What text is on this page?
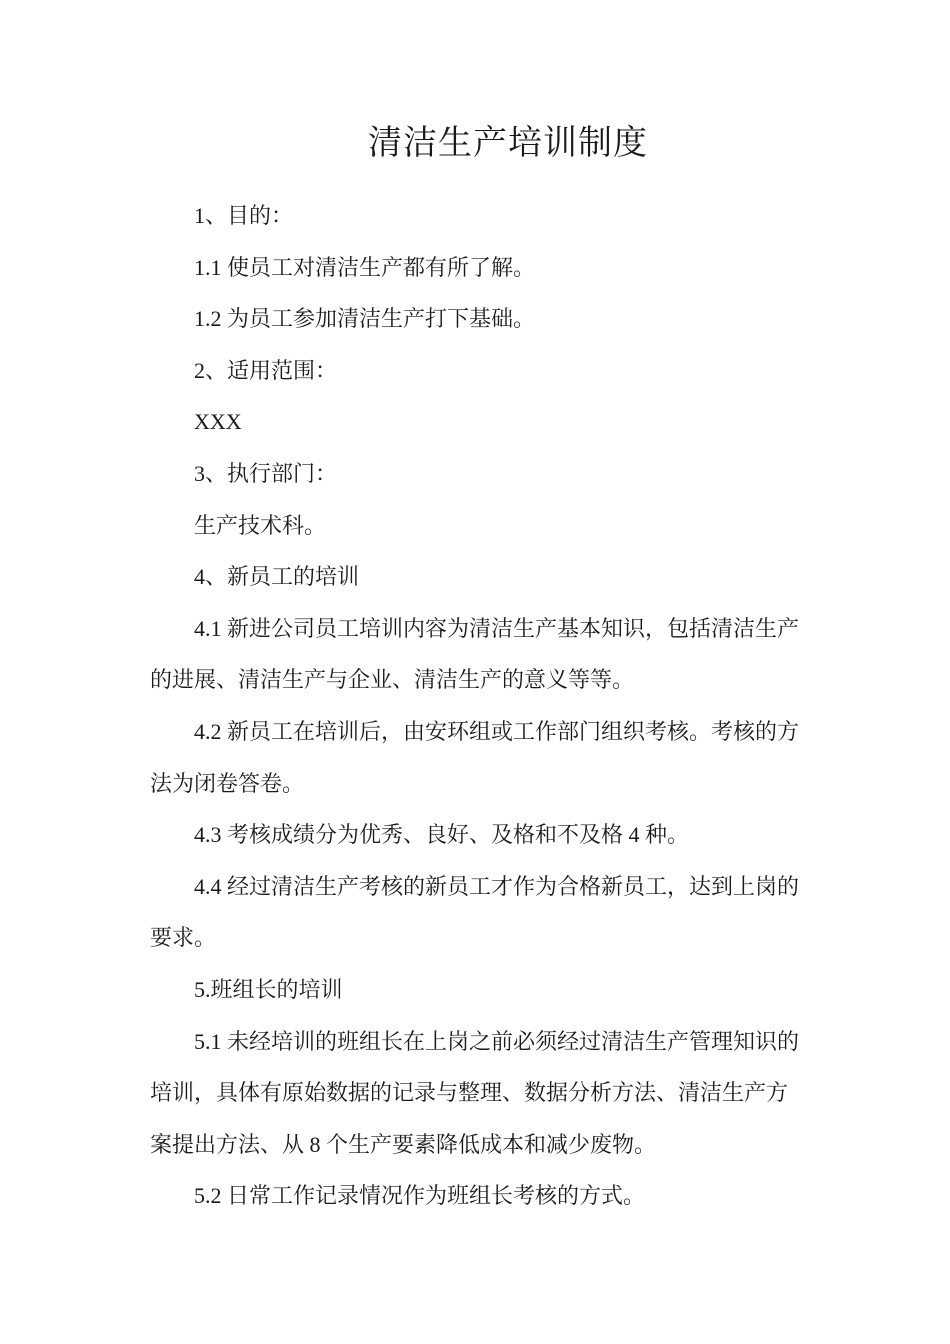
清洁生产培训制度

1、目的：

1.1 使员工对清洁生产都有所了解。

1.2 为员工参加清洁生产打下基础。

2、适用范围：

XXX

3、执行部门：

生产技术科。

4、新员工的培训

4.1 新进公司员工培训内容为清洁生产基本知识，包括清洁生产的进展、清洁生产与企业、清洁生产的意义等等。

4.2 新员工在培训后，由安环组或工作部门组织考核。考核的方法为闭卷答卷。

4.3 考核成绩分为优秀、良好、及格和不及格 4 种。

4.4 经过清洁生产考核的新员工才作为合格新员工，达到上岗的要求。

5.班组长的培训

5.1 未经培训的班组长在上岗之前必须经过清洁生产管理知识的培训，具体有原始数据的记录与整理、数据分析方法、清洁生产方案提出方法、从 8 个生产要素降低成本和减少废物。

5.2 日常工作记录情况作为班组长考核的方式。
